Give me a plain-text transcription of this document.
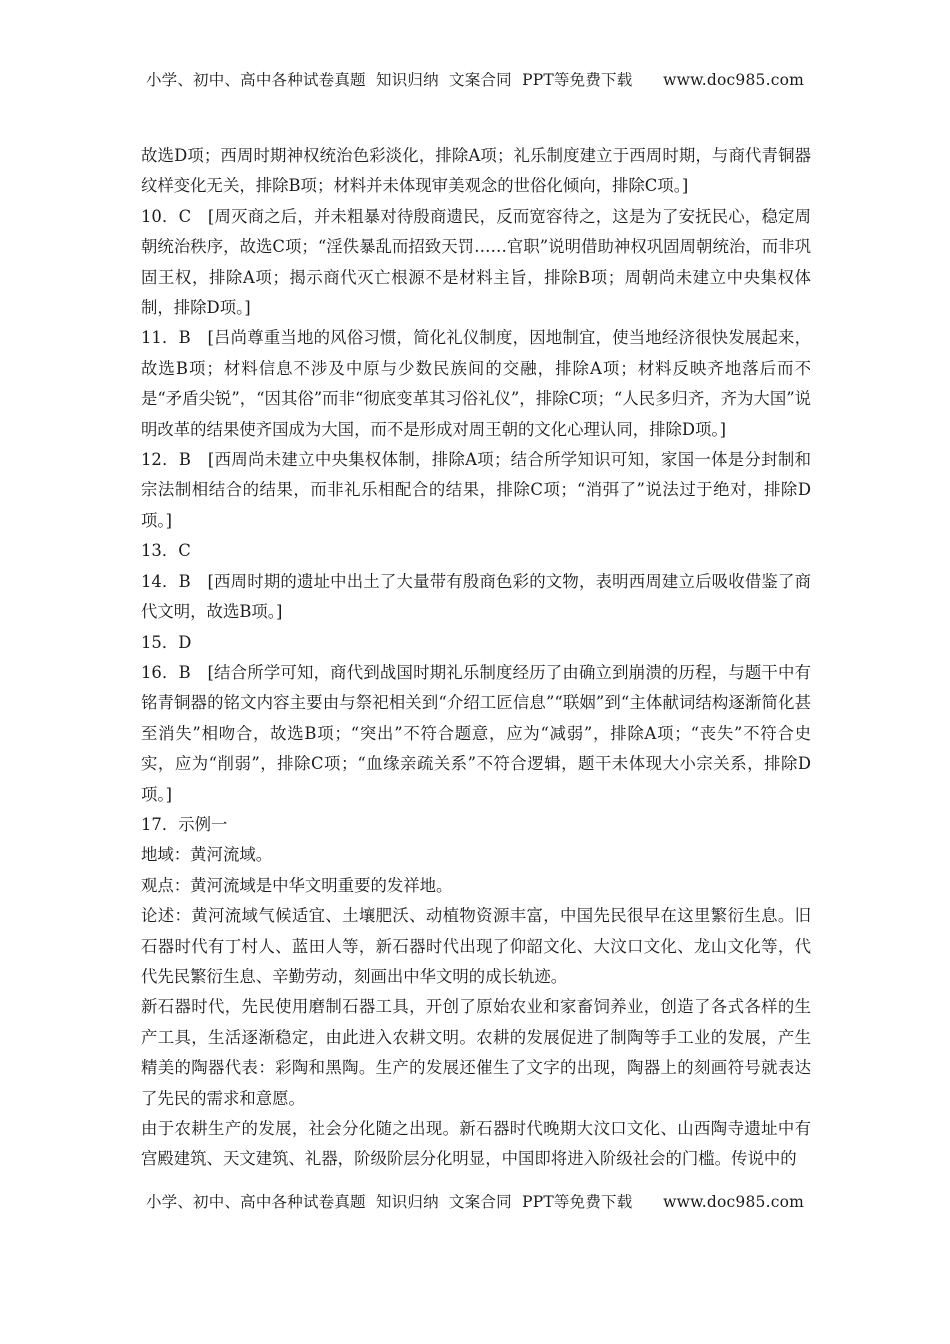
小学、初中、高中各种试卷真题  知识归纳  文案合同  PPT等免费下载      www.doc985.com

故选D项；西周时期神权统治色彩淡化，排除A项；礼乐制度建立于西周时期，与商代青铜器纹样变化无关，排除B项；材料并未体现审美观念的世俗化倾向，排除C项。]

10．C　[周灭商之后，并未粗暴对待殷商遗民，反而宽容待之，这是为了安抚民心，稳定周朝统治秩序，故选C项；“淫佚暴乱而招致天罚……官职”说明借助神权巩固周朝统治，而非巩固王权，排除A项；揭示商代灭亡根源不是材料主旨，排除B项；周朝尚未建立中央集权体制，排除D项。]

11．B　[吕尚尊重当地的风俗习惯，简化礼仪制度，因地制宜，使当地经济很快发展起来，故选B项；材料信息不涉及中原与少数民族间的交融，排除A项；材料反映齐地落后而不是“矛盾尖锐”，“因其俗”而非“彻底变革其习俗礼仪”，排除C项；“人民多归齐，齐为大国”说明改革的结果使齐国成为大国，而不是形成对周王朝的文化心理认同，排除D项。]

12．B　[西周尚未建立中央集权体制，排除A项；结合所学知识可知，家国一体是分封制和宗法制相结合的结果，而非礼乐相配合的结果，排除C项；“消弭了”说法过于绝对，排除D项。]

13．C

14．B　[西周时期的遗址中出土了大量带有殷商色彩的文物，表明西周建立后吸收借鉴了商代文明，故选B项。]

15．D

16．B　[结合所学可知，商代到战国时期礼乐制度经历了由确立到崩溃的历程，与题干中有铭青铜器的铭文内容主要由与祭祀相关到“介绍工匠信息”“联姻”到“主体献词结构逐渐简化甚至消失”相吻合，故选B项；“突出”不符合题意，应为“减弱”，排除A项；“丧失”不符合史实，应为“削弱”，排除C项；“血缘亲疏关系”不符合逻辑，题干未体现大小宗关系，排除D项。]

17．示例一

地域：黄河流域。

观点：黄河流域是中华文明重要的发祥地。

论述：黄河流域气候适宜、土壤肥沃、动植物资源丰富，中国先民很早在这里繁衍生息。旧石器时代有丁村人、蓝田人等，新石器时代出现了仰韶文化、大汶口文化、龙山文化等，代代先民繁衍生息、辛勤劳动，刻画出中华文明的成长轨迹。

新石器时代，先民使用磨制石器工具，开创了原始农业和家畜饲养业，创造了各式各样的生产工具，生活逐渐稳定，由此进入农耕文明。农耕的发展促进了制陶等手工业的发展，产生精美的陶器代表：彩陶和黑陶。生产的发展还催生了文字的出现，陶器上的刻画符号就表达了先民的需求和意愿。

由于农耕生产的发展，社会分化随之出现。新石器时代晚期大汶口文化、山西陶寺遗址中有宫殿建筑、天文建筑、礼器，阶级阶层分化明显，中国即将进入阶级社会的门槛。传说中的

小学、初中、高中各种试卷真题  知识归纳  文案合同  PPT等免费下载      www.doc985.com
